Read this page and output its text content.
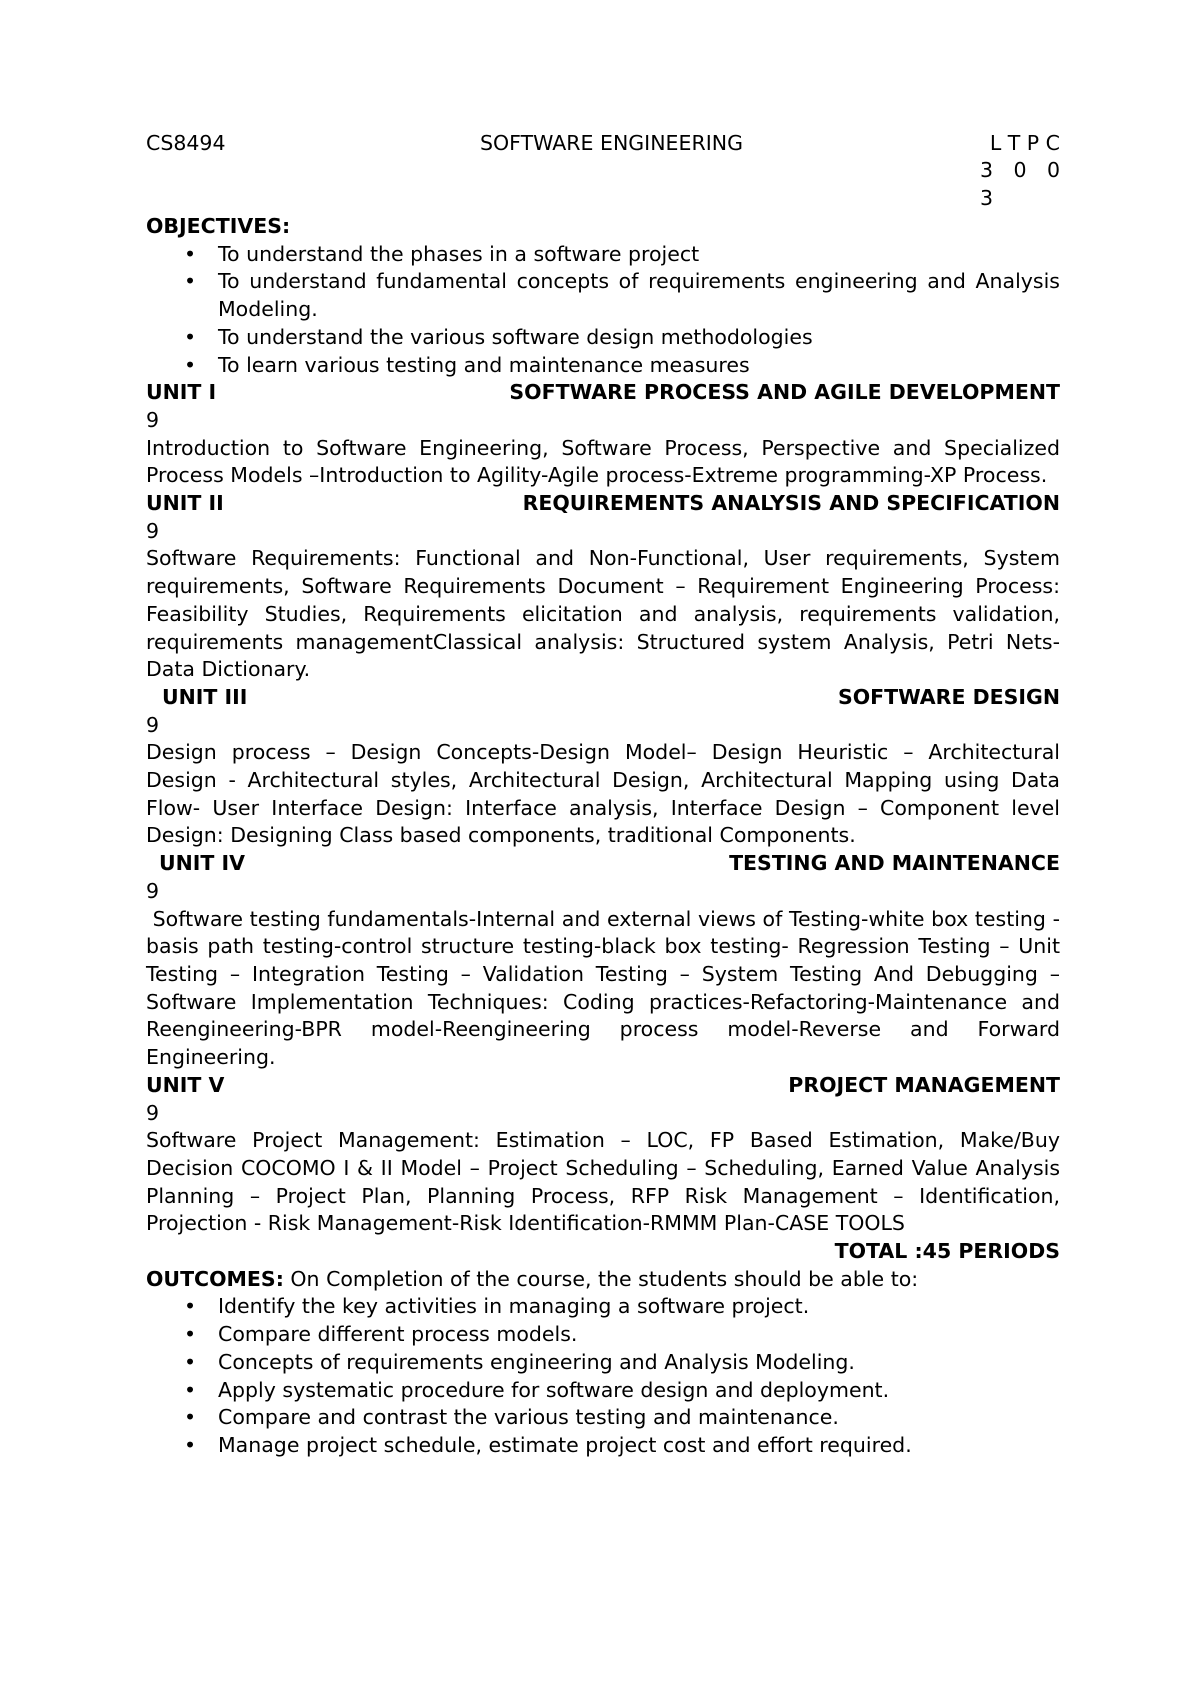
CS8494	SOFTWARE ENGINEERING	L T P C
3 0 0
3
OBJECTIVES:
• To understand the phases in a software project
• To understand fundamental concepts of requirements engineering and Analysis Modeling.
• To understand the various software design methodologies
• To learn various testing and maintenance measures
UNIT I	SOFTWARE PROCESS AND AGILE DEVELOPMENT
9
Introduction to Software Engineering, Software Process, Perspective and Specialized Process Models –Introduction to Agility-Agile process-Extreme programming-XP Process.
UNIT II	REQUIREMENTS ANALYSIS AND SPECIFICATION
9
Software Requirements: Functional and Non-Functional, User requirements, System requirements, Software Requirements Document – Requirement Engineering Process: Feasibility Studies, Requirements elicitation and analysis, requirements validation, requirements managementClassical analysis: Structured system Analysis, Petri Nets- Data Dictionary.
UNIT III	SOFTWARE DESIGN
9
Design process – Design Concepts-Design Model– Design Heuristic – Architectural Design - Architectural styles, Architectural Design, Architectural Mapping using Data Flow- User Interface Design: Interface analysis, Interface Design – Component level Design: Designing Class based components, traditional Components.
UNIT IV	TESTING AND MAINTENANCE
9
Software testing fundamentals-Internal and external views of Testing-white box testing - basis path testing-control structure testing-black box testing- Regression Testing – Unit Testing – Integration Testing – Validation Testing – System Testing And Debugging –Software Implementation Techniques: Coding practices-Refactoring-Maintenance and Reengineering-BPR model-Reengineering process model-Reverse and Forward Engineering.
UNIT V	PROJECT MANAGEMENT
9
Software Project Management: Estimation – LOC, FP Based Estimation, Make/Buy Decision COCOMO I & II Model – Project Scheduling – Scheduling, Earned Value Analysis Planning – Project Plan, Planning Process, RFP Risk Management – Identification, Projection - Risk Management-Risk Identification-RMMM Plan-CASE TOOLS
TOTAL :45 PERIODS
OUTCOMES: On Completion of the course, the students should be able to:
• Identify the key activities in managing a software project.
• Compare different process models.
• Concepts of requirements engineering and Analysis Modeling.
• Apply systematic procedure for software design and deployment.
• Compare and contrast the various testing and maintenance.
• Manage project schedule, estimate project cost and effort required.
